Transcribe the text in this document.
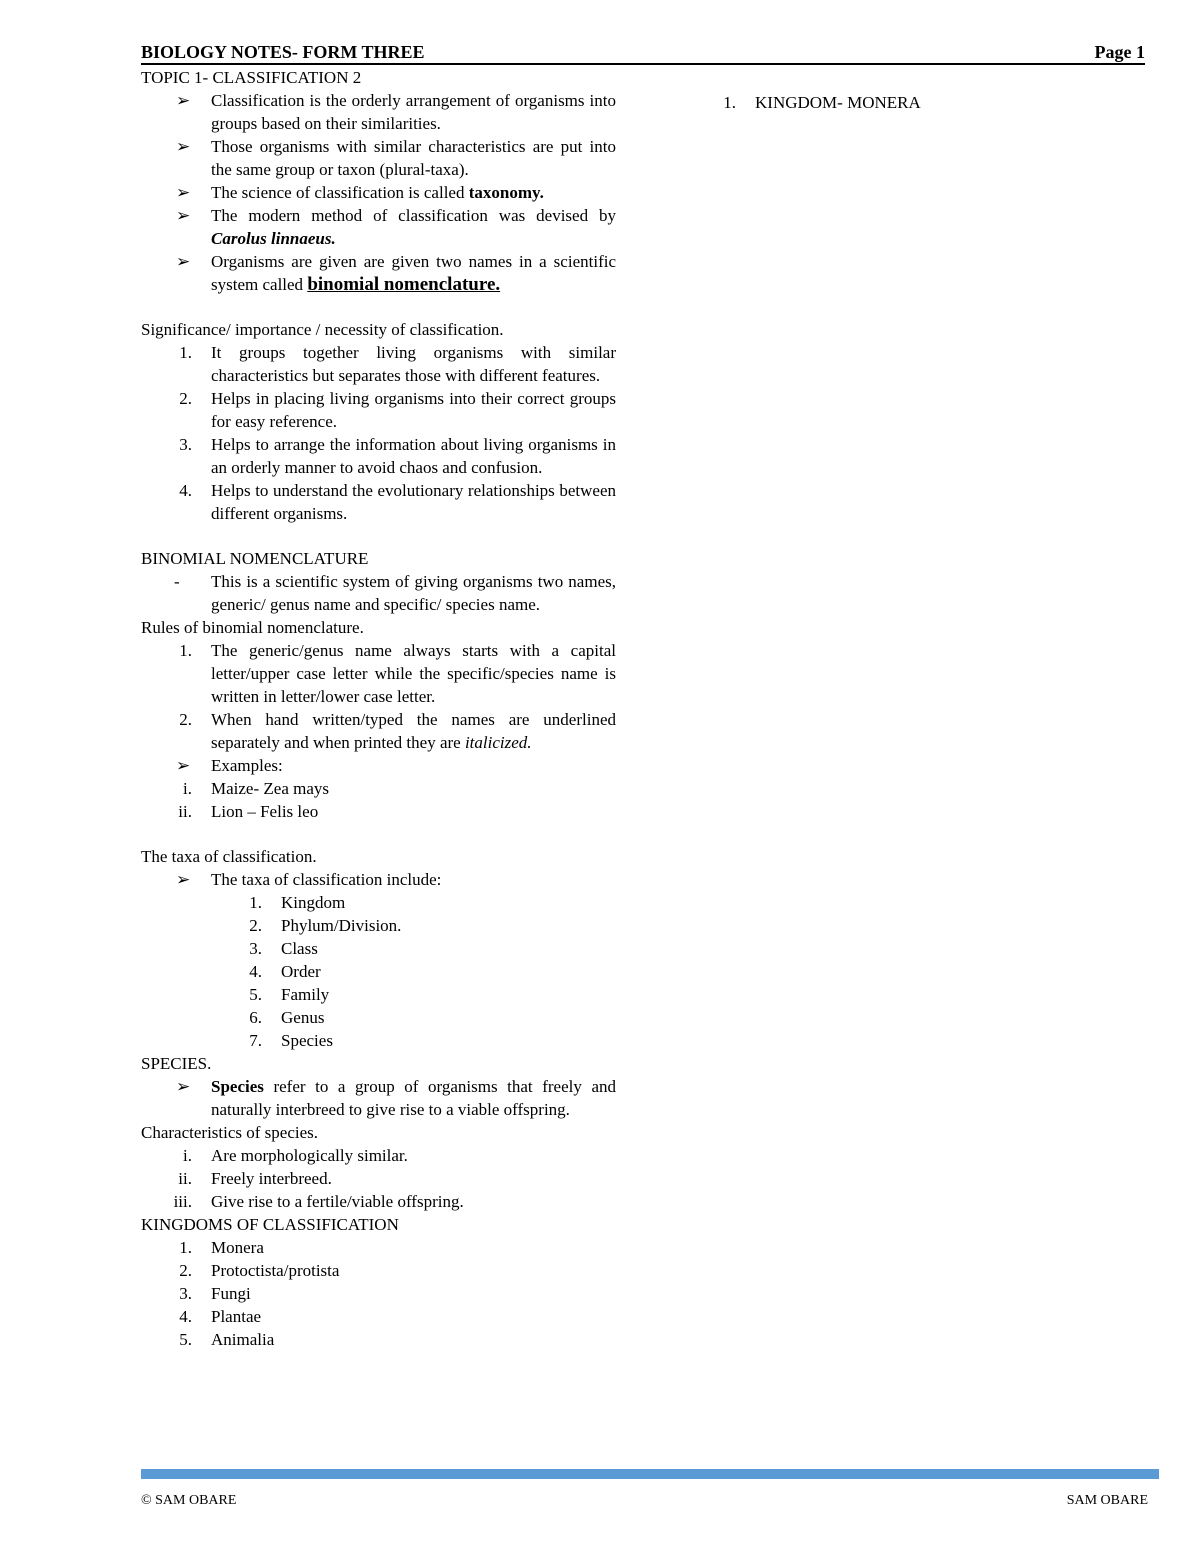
BIOLOGY NOTES- FORM THREE	Page 1

TOPIC 1- CLASSIFICATION 2

➢ Classification is the orderly arrangement of organisms into groups based on their similarities.
➢ Those organisms with similar characteristics are put into the same group or taxon (plural-taxa).
➢ The science of classification is called taxonomy.
➢ The modern method of classification was devised by Carolus linnaeus.
➢ Organisms are given are given two names in a scientific system called binomial nomenclature.

Significance/ importance / necessity of classification.

1. It groups together living organisms with similar characteristics but separates those with different features.
2. Helps in placing living organisms into their correct groups for easy reference.
3. Helps to arrange the information about living organisms in an orderly manner to avoid chaos and confusion.
4. Helps to understand the evolutionary relationships between different organisms.

BINOMIAL NOMENCLATURE

- This is a scientific system of giving organisms two names, generic/ genus name and specific/ species name.

Rules of binomial nomenclature.

1. The generic/genus name always starts with a capital letter/upper case letter while the specific/species name is written in letter/lower case letter.
2. When hand written/typed the names are underlined separately and when printed they are italicized.
➢ Examples:
i. Maize- Zea mays
ii. Lion – Felis leo

The taxa of classification.

➢ The taxa of classification include:
1. Kingdom
2. Phylum/Division.
3. Class
4. Order
5. Family
6. Genus
7. Species

SPECIES.

➢ Species refer to a group of organisms that freely and naturally interbreed to give rise to a viable offspring.

Characteristics of species.

i. Are morphologically similar.
ii. Freely interbreed.
iii. Give rise to a fertile/viable offspring.

KINGDOMS OF CLASSIFICATION

1. Monera
2. Protoctista/protista
3. Fungi
4. Plantae
5. Animalia
1. KINGDOM- MONERA
© SAM OBARE	SAM OBARE
